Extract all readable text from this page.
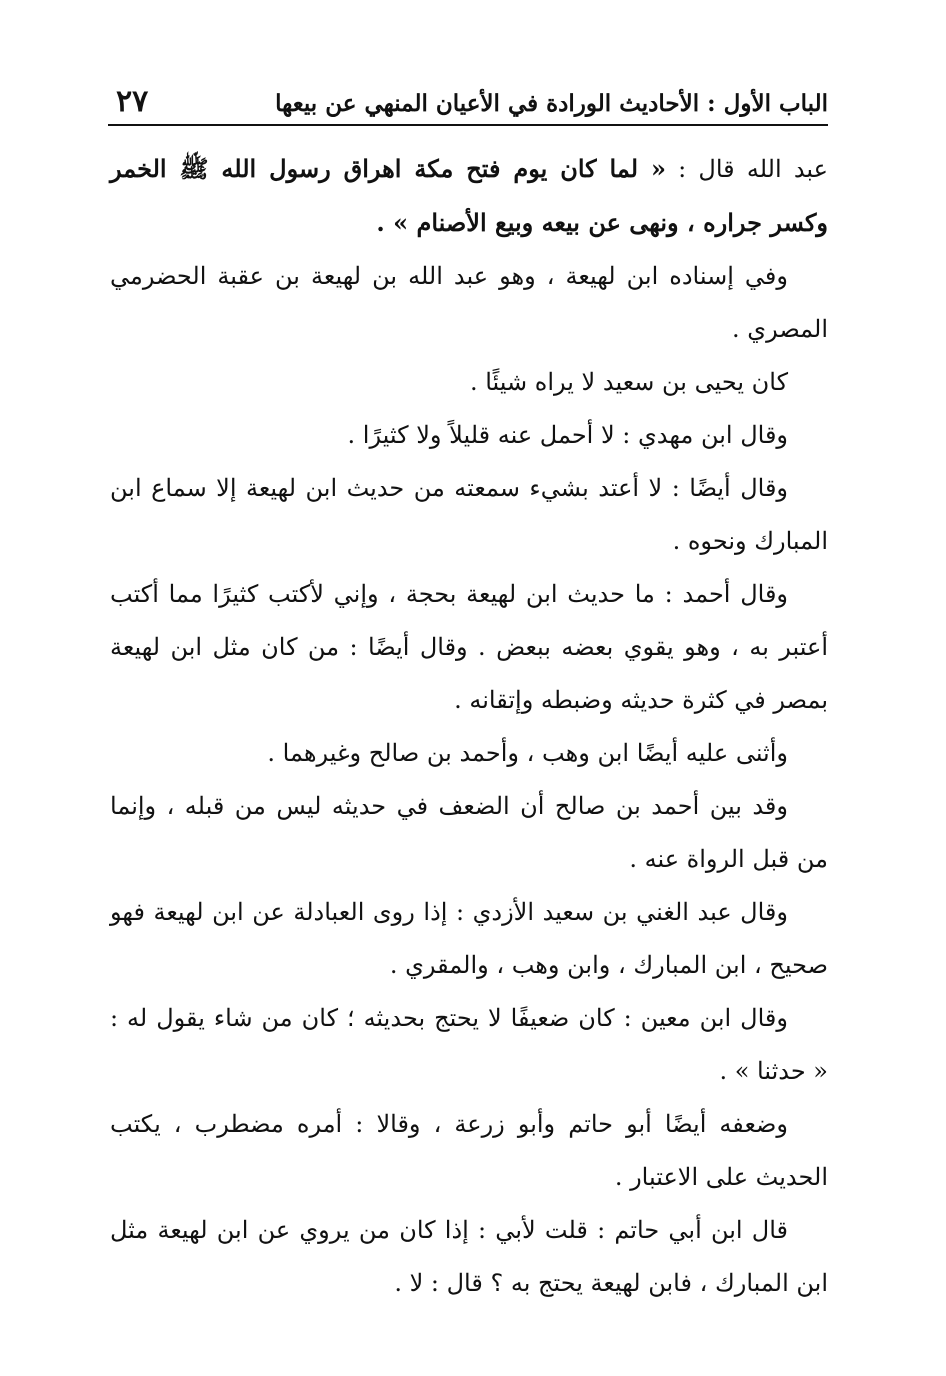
الباب الأول : الأحاديث الورادة في الأعيان المنهي عن بيعها
٢٧

عبد الله قال : « لما كان يوم فتح مكة اهراق رسول الله ﷺ الخمر وكسر جراره ، ونهى عن بيعه وبيع الأصنام » .

وفي إسناده ابن لهيعة ، وهو عبد الله بن لهيعة بن عقبة الحضرمي المصري .

كان يحيى بن سعيد لا يراه شيئًا .

وقال ابن مهدي : لا أحمل عنه قليلاً ولا كثيرًا .

وقال أيضًا : لا أعتد بشيء سمعته من حديث ابن لهيعة إلا سماع ابن المبارك ونحوه .

وقال أحمد : ما حديث ابن لهيعة بحجة ، وإني لأكتب كثيرًا مما أكتب أعتبر به ، وهو يقوي بعضه ببعض . وقال أيضًا : من كان مثل ابن لهيعة بمصر في كثرة حديثه وضبطه وإتقانه .

وأثنى عليه أيضًا ابن وهب ، وأحمد بن صالح وغيرهما .

وقد بين أحمد بن صالح أن الضعف في حديثه ليس من قبله ، وإنما من قبل الرواة عنه .

وقال عبد الغني بن سعيد الأزدي : إذا روى العبادلة عن ابن لهيعة فهو صحيح ، ابن المبارك ، وابن وهب ، والمقري .

وقال ابن معين : كان ضعيفًا لا يحتج بحديثه ؛ كان من شاء يقول له : « حدثنا » .

وضعفه أيضًا أبو حاتم وأبو زرعة ، وقالا : أمره مضطرب ، يكتب الحديث على الاعتبار .

قال ابن أبي حاتم : قلت لأبي : إذا كان من يروي عن ابن لهيعة مثل ابن المبارك ، فابن لهيعة يحتج به ؟ قال : لا .
